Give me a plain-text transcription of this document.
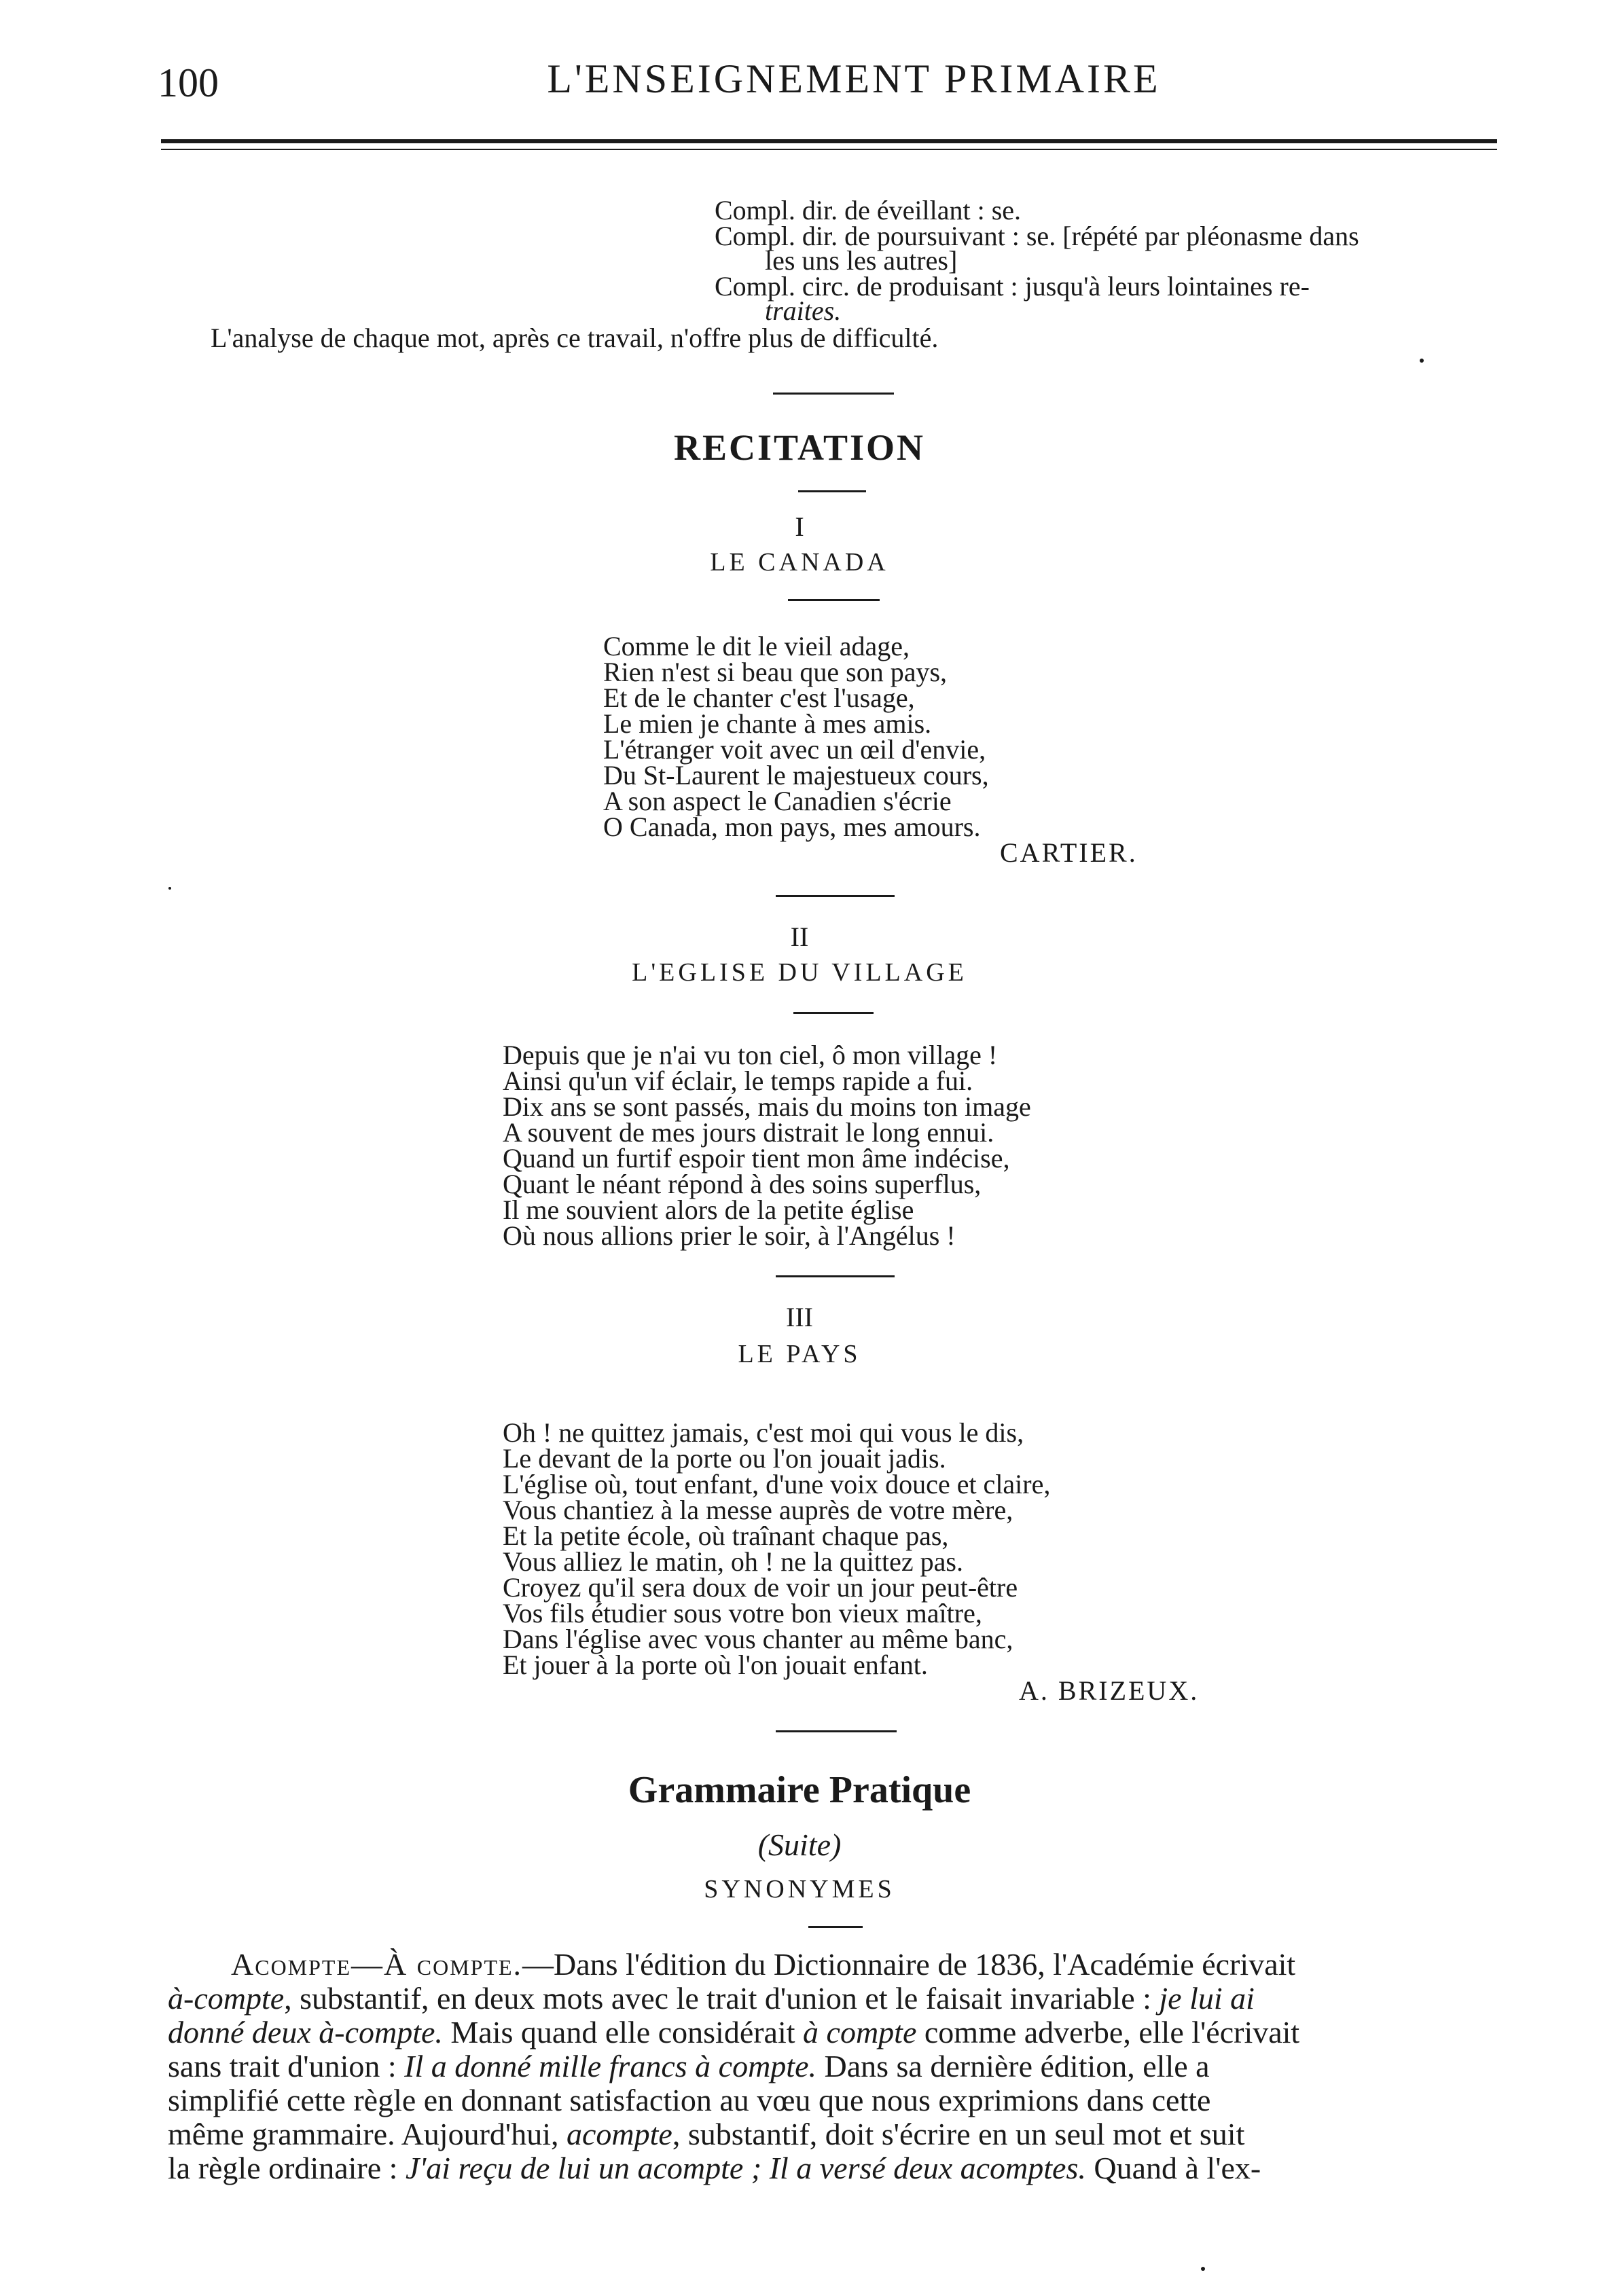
100	L'ENSEIGNEMENT PRIMAIRE
Compl. dir. de éveillant : se.
Compl. dir. de poursuivant : se. [répété par pléonasme dans
les uns les autres]
Compl. circ. de produisant : jusqu'à leurs lointaines re-
traites.
L'analyse de chaque mot, après ce travail, n'offre plus de difficulté.
RECITATION
I
LE CANADA
Comme le dit le vieil adage,
Rien n'est si beau que son pays,
Et de le chanter c'est l'usage,
Le mien je chante à mes amis.
L'étranger voit avec un œil d'envie,
Du St-Laurent le majestueux cours,
A son aspect le Canadien s'écrie
O Canada, mon pays, mes amours.
CARTIER.
II
L'EGLISE DU VILLAGE
Depuis que je n'ai vu ton ciel, ô mon village !
Ainsi qu'un vif éclair, le temps rapide a fui.
Dix ans se sont passés, mais du moins ton image
A souvent de mes jours distrait le long ennui.
Quand un furtif espoir tient mon âme indécise,
Quant le néant répond à des soins superflus,
Il me souvient alors de la petite église
Où nous allions prier le soir, à l'Angélus !
III
LE PAYS
Oh ! ne quittez jamais, c'est moi qui vous le dis,
Le devant de la porte ou l'on jouait jadis.
L'église où, tout enfant, d'une voix douce et claire,
Vous chantiez à la messe auprès de votre mère,
Et la petite école, où traînant chaque pas,
Vous alliez le matin, oh ! ne la quittez pas.
Croyez qu'il sera doux de voir un jour peut-être
Vos fils étudier sous votre bon vieux maître,
Dans l'église avec vous chanter au même banc,
Et jouer à la porte où l'on jouait enfant.
A. BRIZEUX.
Grammaire Pratique
(Suite)
SYNONYMES
Acompte—À compte.—Dans l'édition du Dictionnaire de 1836, l'Académie écrivait
à-compte, substantif, en deux mots avec le trait d'union et le faisait invariable : je lui ai
donné deux à-compte. Mais quand elle considérait à compte comme adverbe, elle l'écrivait
sans trait d'union : Il a donné mille francs à compte. Dans sa dernière édition, elle a
simplifié cette règle en donnant satisfaction au vœu que nous exprimions dans cette
même grammaire. Aujourd'hui, acompte, substantif, doit s'écrire en un seul mot et suit
la règle ordinaire : J'ai reçu de lui un acompte ; Il a versé deux acomptes. Quand à l'ex-
